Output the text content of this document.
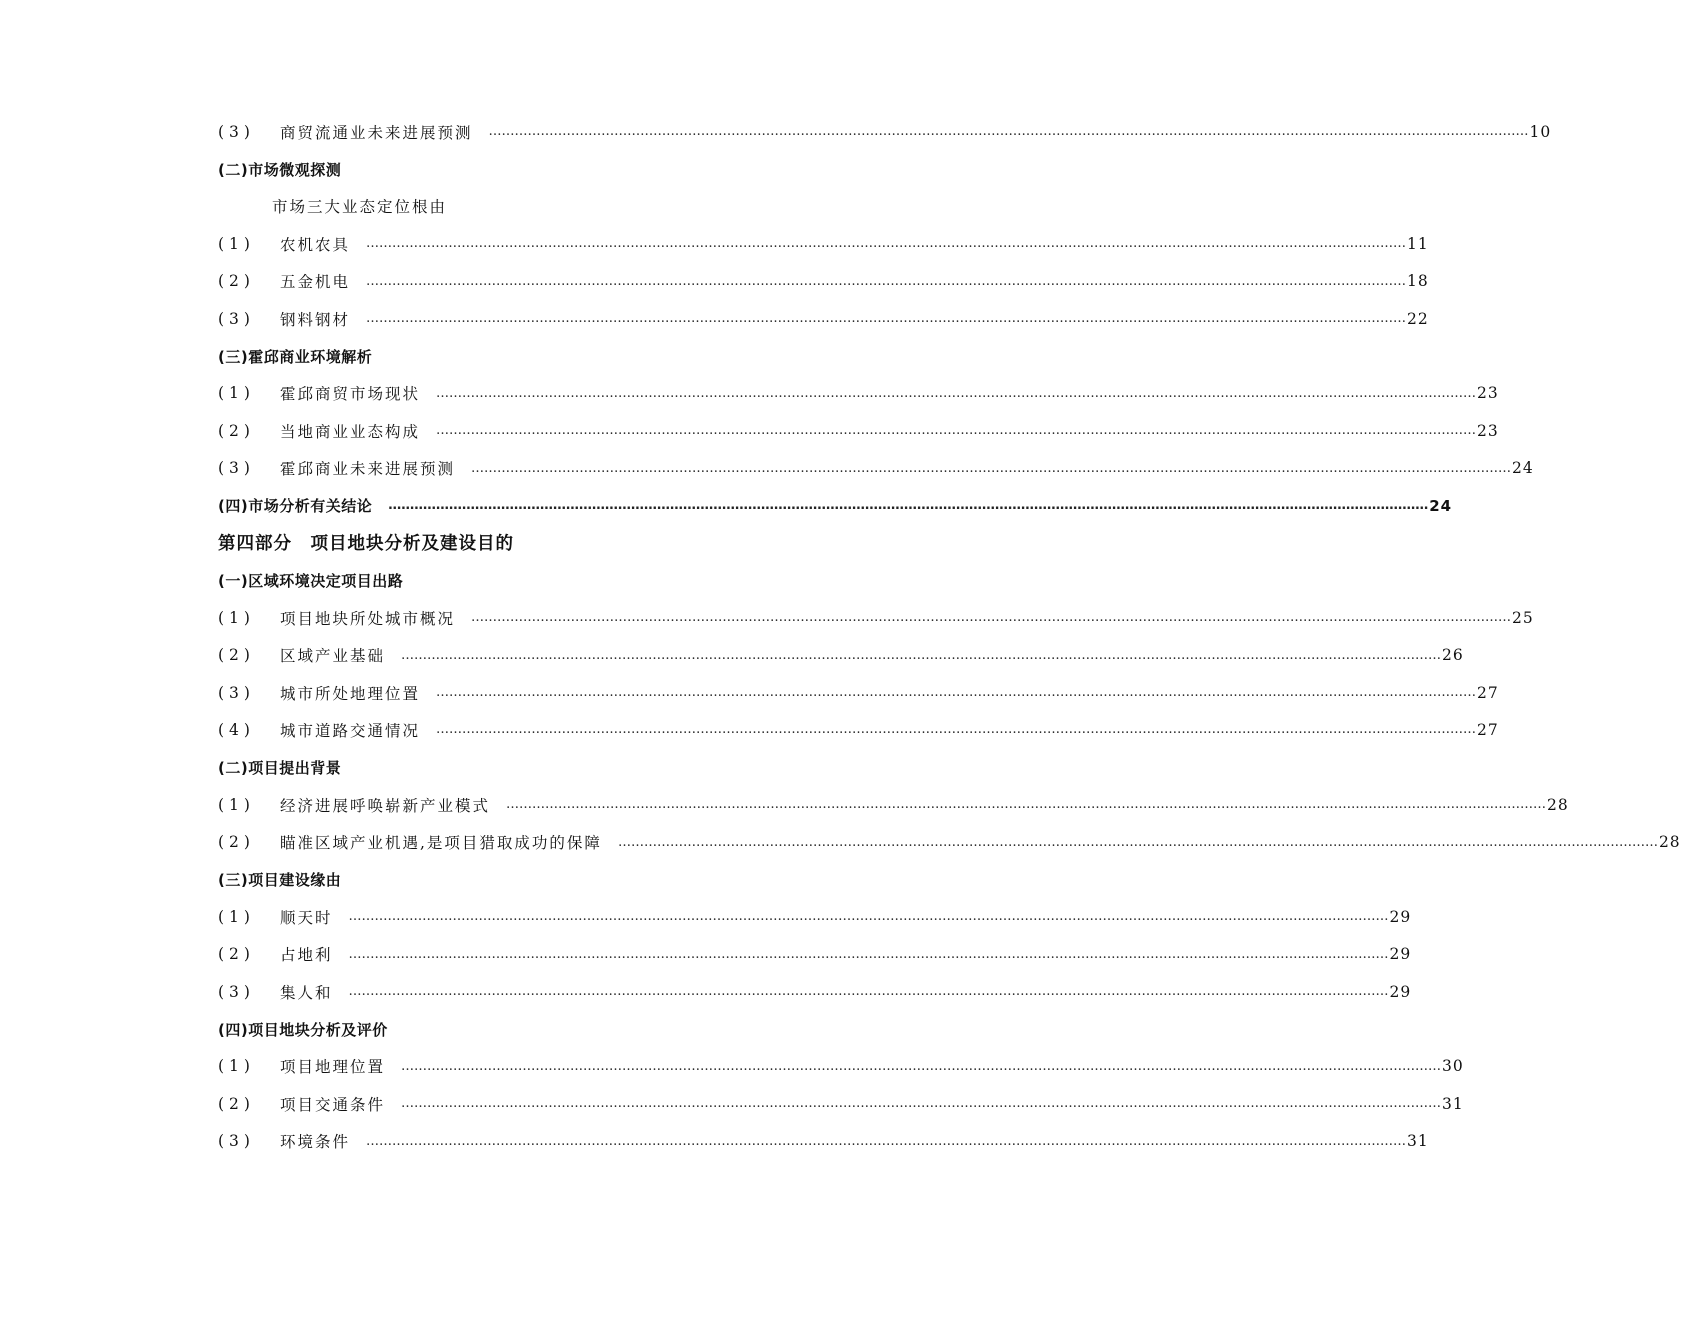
(3)	商贸流通业未来进展预测 …………………………………………………………………………………………………………………………………………………………………………………………………………………… 10
(二)市场微观探测
市场三大业态定位根由
(1)	农机农具 …………………………………………………………………………………………………………………………………………………………………………………………………………………… 11
(2)	五金机电 …………………………………………………………………………………………………………………………………………………………………………………………………………………… 18
(3)	钢料钢材 …………………………………………………………………………………………………………………………………………………………………………………………………………………… 22
(三)霍邱商业环境解析
(1)	霍邱商贸市场现状 …………………………………………………………………………………………………………………………………………………………………………………………………………………… 23
(2)	当地商业业态构成 …………………………………………………………………………………………………………………………………………………………………………………………………………………… 23
(3)	霍邱商业未来进展预测 …………………………………………………………………………………………………………………………………………………………………………………………………………………… 24
(四)市场分析有关结论 …………………………………………………………………………………………………………………………………………………………………………………………………………………… 24
第四部分　项目地块分析及建设目的
(一)区域环境决定项目出路
(1)	项目地块所处城市概况 …………………………………………………………………………………………………………………………………………………………………………………………………………………… 25
(2)	区域产业基础 …………………………………………………………………………………………………………………………………………………………………………………………………………………… 26
(3)	城市所处地理位置 …………………………………………………………………………………………………………………………………………………………………………………………………………………… 27
(4)	城市道路交通情况 …………………………………………………………………………………………………………………………………………………………………………………………………………………… 27
(二)项目提出背景
(1)	经济进展呼唤崭新产业模式 …………………………………………………………………………………………………………………………………………………………………………………………………………………… 28
(2)	瞄准区域产业机遇,是项目猎取成功的保障 …………………………………………………………………………………………………………………………………………………………………………………………………………………… 28
(三)项目建设缘由
(1)	顺天时 …………………………………………………………………………………………………………………………………………………………………………………………………………………… 29
(2)	占地利 …………………………………………………………………………………………………………………………………………………………………………………………………………………… 29
(3)	集人和 …………………………………………………………………………………………………………………………………………………………………………………………………………………… 29
(四)项目地块分析及评价
(1)	项目地理位置 …………………………………………………………………………………………………………………………………………………………………………………………………………………… 30
(2)	项目交通条件 …………………………………………………………………………………………………………………………………………………………………………………………………………………… 31
(3)	环境条件 …………………………………………………………………………………………………………………………………………………………………………………………………………………… 31
